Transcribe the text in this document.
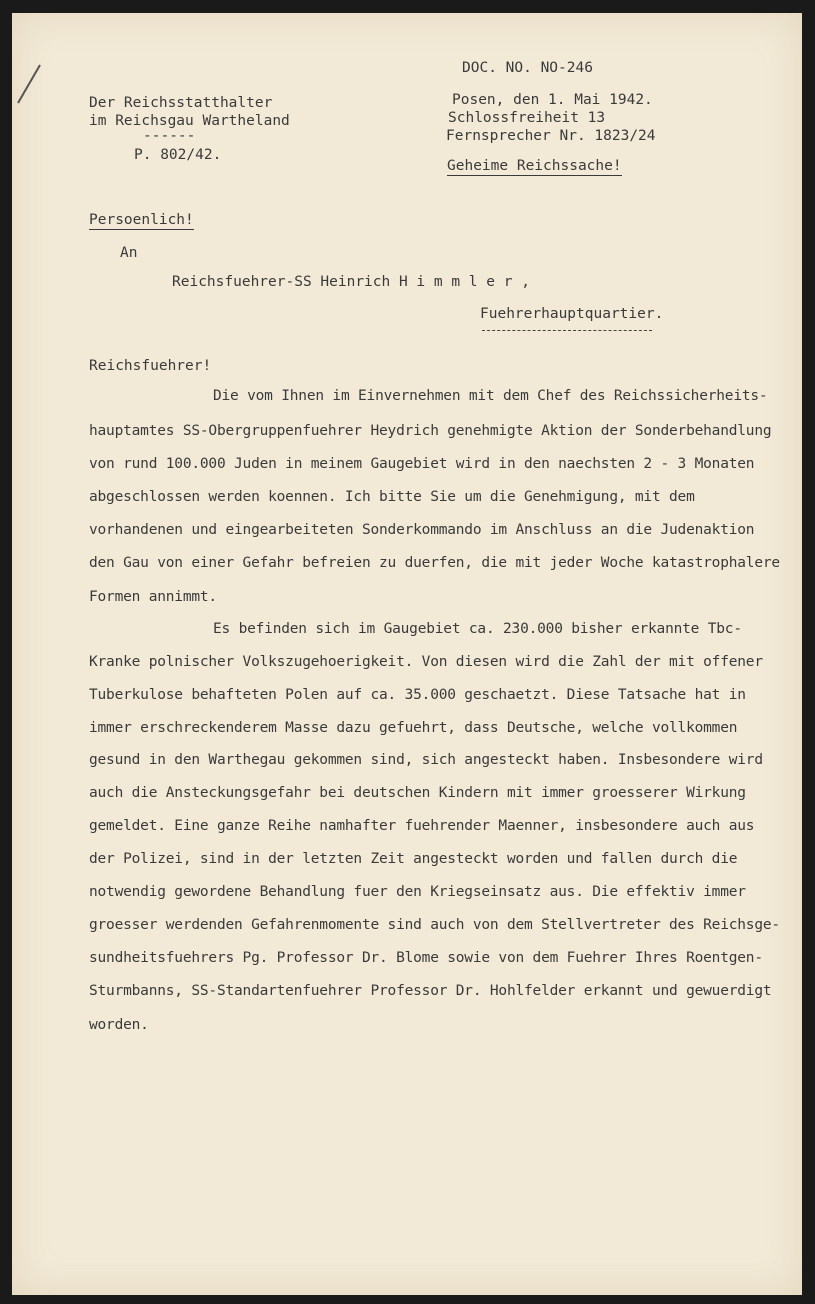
DOC. NO. NO-246
Posen, den 1. Mai 1942.
Schlossfreiheit 13
Fernsprecher Nr. 1823/24
Geheime Reichssache!
Der Reichsstatthalter
im Reichsgau Wartheland
------
P. 802/42.
Persoenlich!
An
Reichsfuehrer-SS Heinrich H i m m l e r ,
Fuehrerhauptquartier.
Reichsfuehrer!
Die vom Ihnen im Einvernehmen mit dem Chef des Reichssicherheits-
hauptamtes SS-Obergruppenfuehrer Heydrich genehmigte Aktion der Sonderbehandlung
von rund 100.000 Juden in meinem Gaugebiet wird in den naechsten 2 - 3 Monaten
abgeschlossen werden koennen. Ich bitte Sie um die Genehmigung, mit dem
vorhandenen und eingearbeiteten Sonderkommando im Anschluss an die Judenaktion
den Gau von einer Gefahr befreien zu duerfen, die mit jeder Woche katastrophalere
Formen annimmt.
Es befinden sich im Gaugebiet ca. 230.000 bisher erkannte Tbc-
Kranke polnischer Volkszugehoerigkeit. Von diesen wird die Zahl der mit offener
Tuberkulose behafteten Polen auf ca. 35.000 geschaetzt. Diese Tatsache hat in
immer erschreckenderem Masse dazu gefuehrt, dass Deutsche, welche vollkommen
gesund in den Warthegau gekommen sind, sich angesteckt haben. Insbesondere wird
auch die Ansteckungsgefahr bei deutschen Kindern mit immer groesserer Wirkung
gemeldet. Eine ganze Reihe namhafter fuehrender Maenner, insbesondere auch aus
der Polizei, sind in der letzten Zeit angesteckt worden und fallen durch die
notwendig gewordene Behandlung fuer den Kriegseinsatz aus. Die effektiv immer
groesser werdenden Gefahrenmomente sind auch von dem Stellvertreter des Reichsge-
sundheitsfuehrers Pg. Professor Dr. Blome sowie von dem Fuehrer Ihres Roentgen-
Sturmbanns, SS-Standartenfuehrer Professor Dr. Hohlfelder erkannt und gewuerdigt
worden.
